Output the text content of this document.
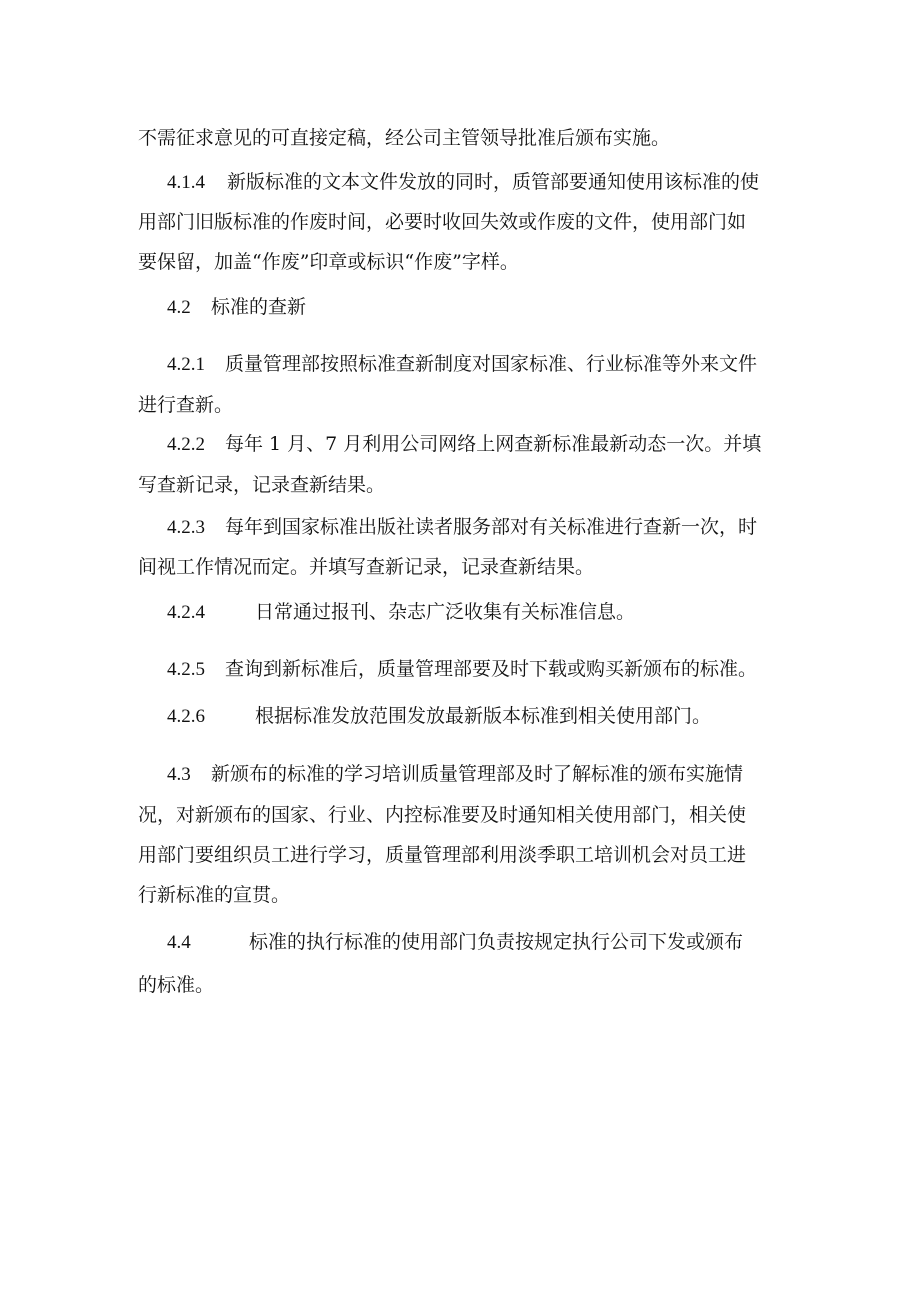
不需征求意见的可直接定稿，经公司主管领导批准后颁布实施。
4.1.4 新版标准的文本文件发放的同时，质管部要通知使用该标准的使
用部门旧版标准的作废时间，必要时收回失效或作废的文件，使用部门如
要保留，加盖“作废”印章或标识“作废”字样。
4.2 标准的查新
4.2.1 质量管理部按照标准查新制度对国家标准、行业标准等外来文件
进行查新。
4.2.2 每年 1 月、7 月利用公司网络上网查新标准最新动态一次。并填
写查新记录，记录查新结果。
4.2.3 每年到国家标准出版社读者服务部对有关标准进行查新一次，时
间视工作情况而定。并填写查新记录，记录查新结果。
4.2.4	日常通过报刊、杂志广泛收集有关标准信息。
4.2.5 查询到新标准后，质量管理部要及时下载或购买新颁布的标准。
4.2.6	根据标准发放范围发放最新版本标准到相关使用部门。
4.3 新颁布的标准的学习培训质量管理部及时了解标准的颁布实施情
况，对新颁布的国家、行业、内控标准要及时通知相关使用部门，相关使
用部门要组织员工进行学习，质量管理部利用淡季职工培训机会对员工进
行新标准的宣贯。
4.4	标准的执行标准的使用部门负责按规定执行公司下发或颁布
的标准。
